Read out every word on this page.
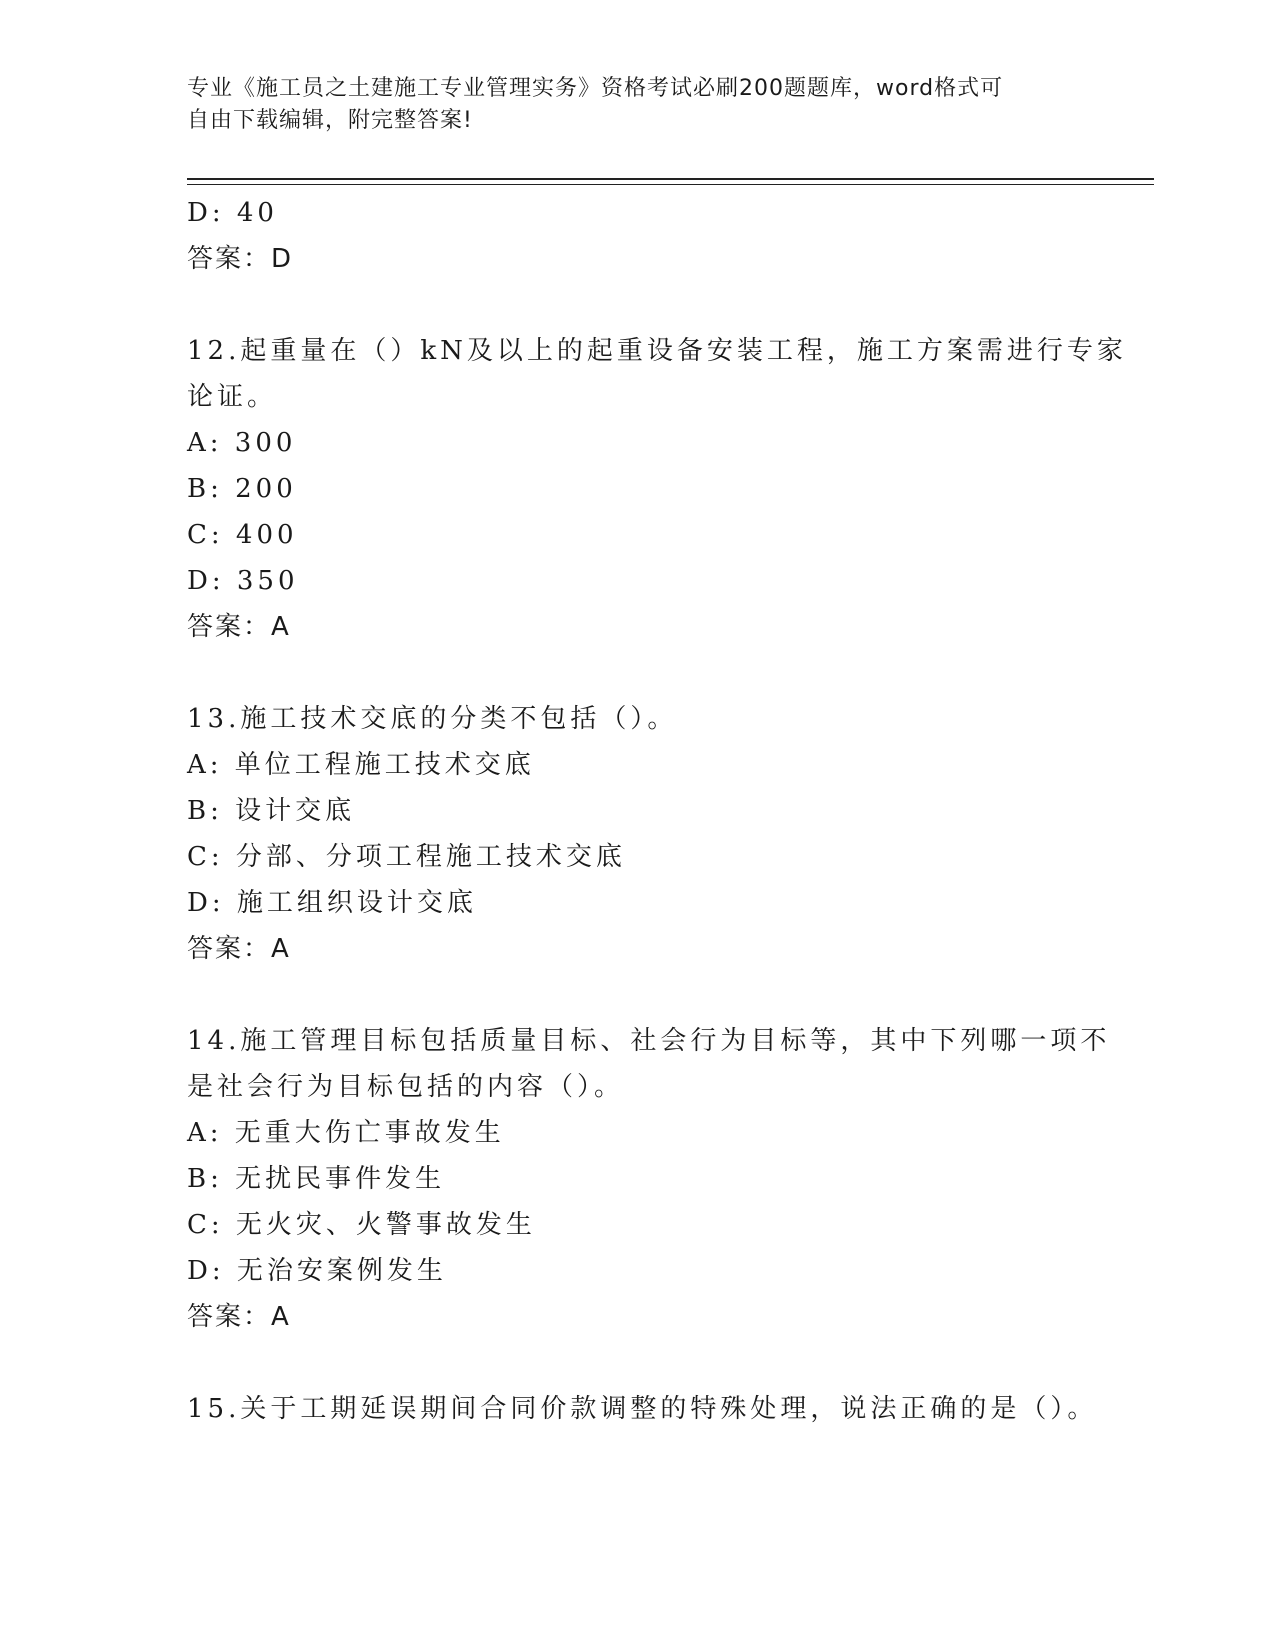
专业《施工员之土建施工专业管理实务》资格考试必刷200题题库，word格式可
自由下载编辑，附完整答案!
D: 40
答案：D
12.起重量在（）kN及以上的起重设备安装工程，施工方案需进行专家
论证。
A: 300
B: 200
C: 400
D: 350
答案：A
13.施工技术交底的分类不包括（）。
A: 单位工程施工技术交底
B: 设计交底
C: 分部、分项工程施工技术交底
D: 施工组织设计交底
答案：A
14.施工管理目标包括质量目标、社会行为目标等，其中下列哪一项不
是社会行为目标包括的内容（）。
A: 无重大伤亡事故发生
B: 无扰民事件发生
C: 无火灾、火警事故发生
D: 无治安案例发生
答案：A
15.关于工期延误期间合同价款调整的特殊处理，说法正确的是（）。
